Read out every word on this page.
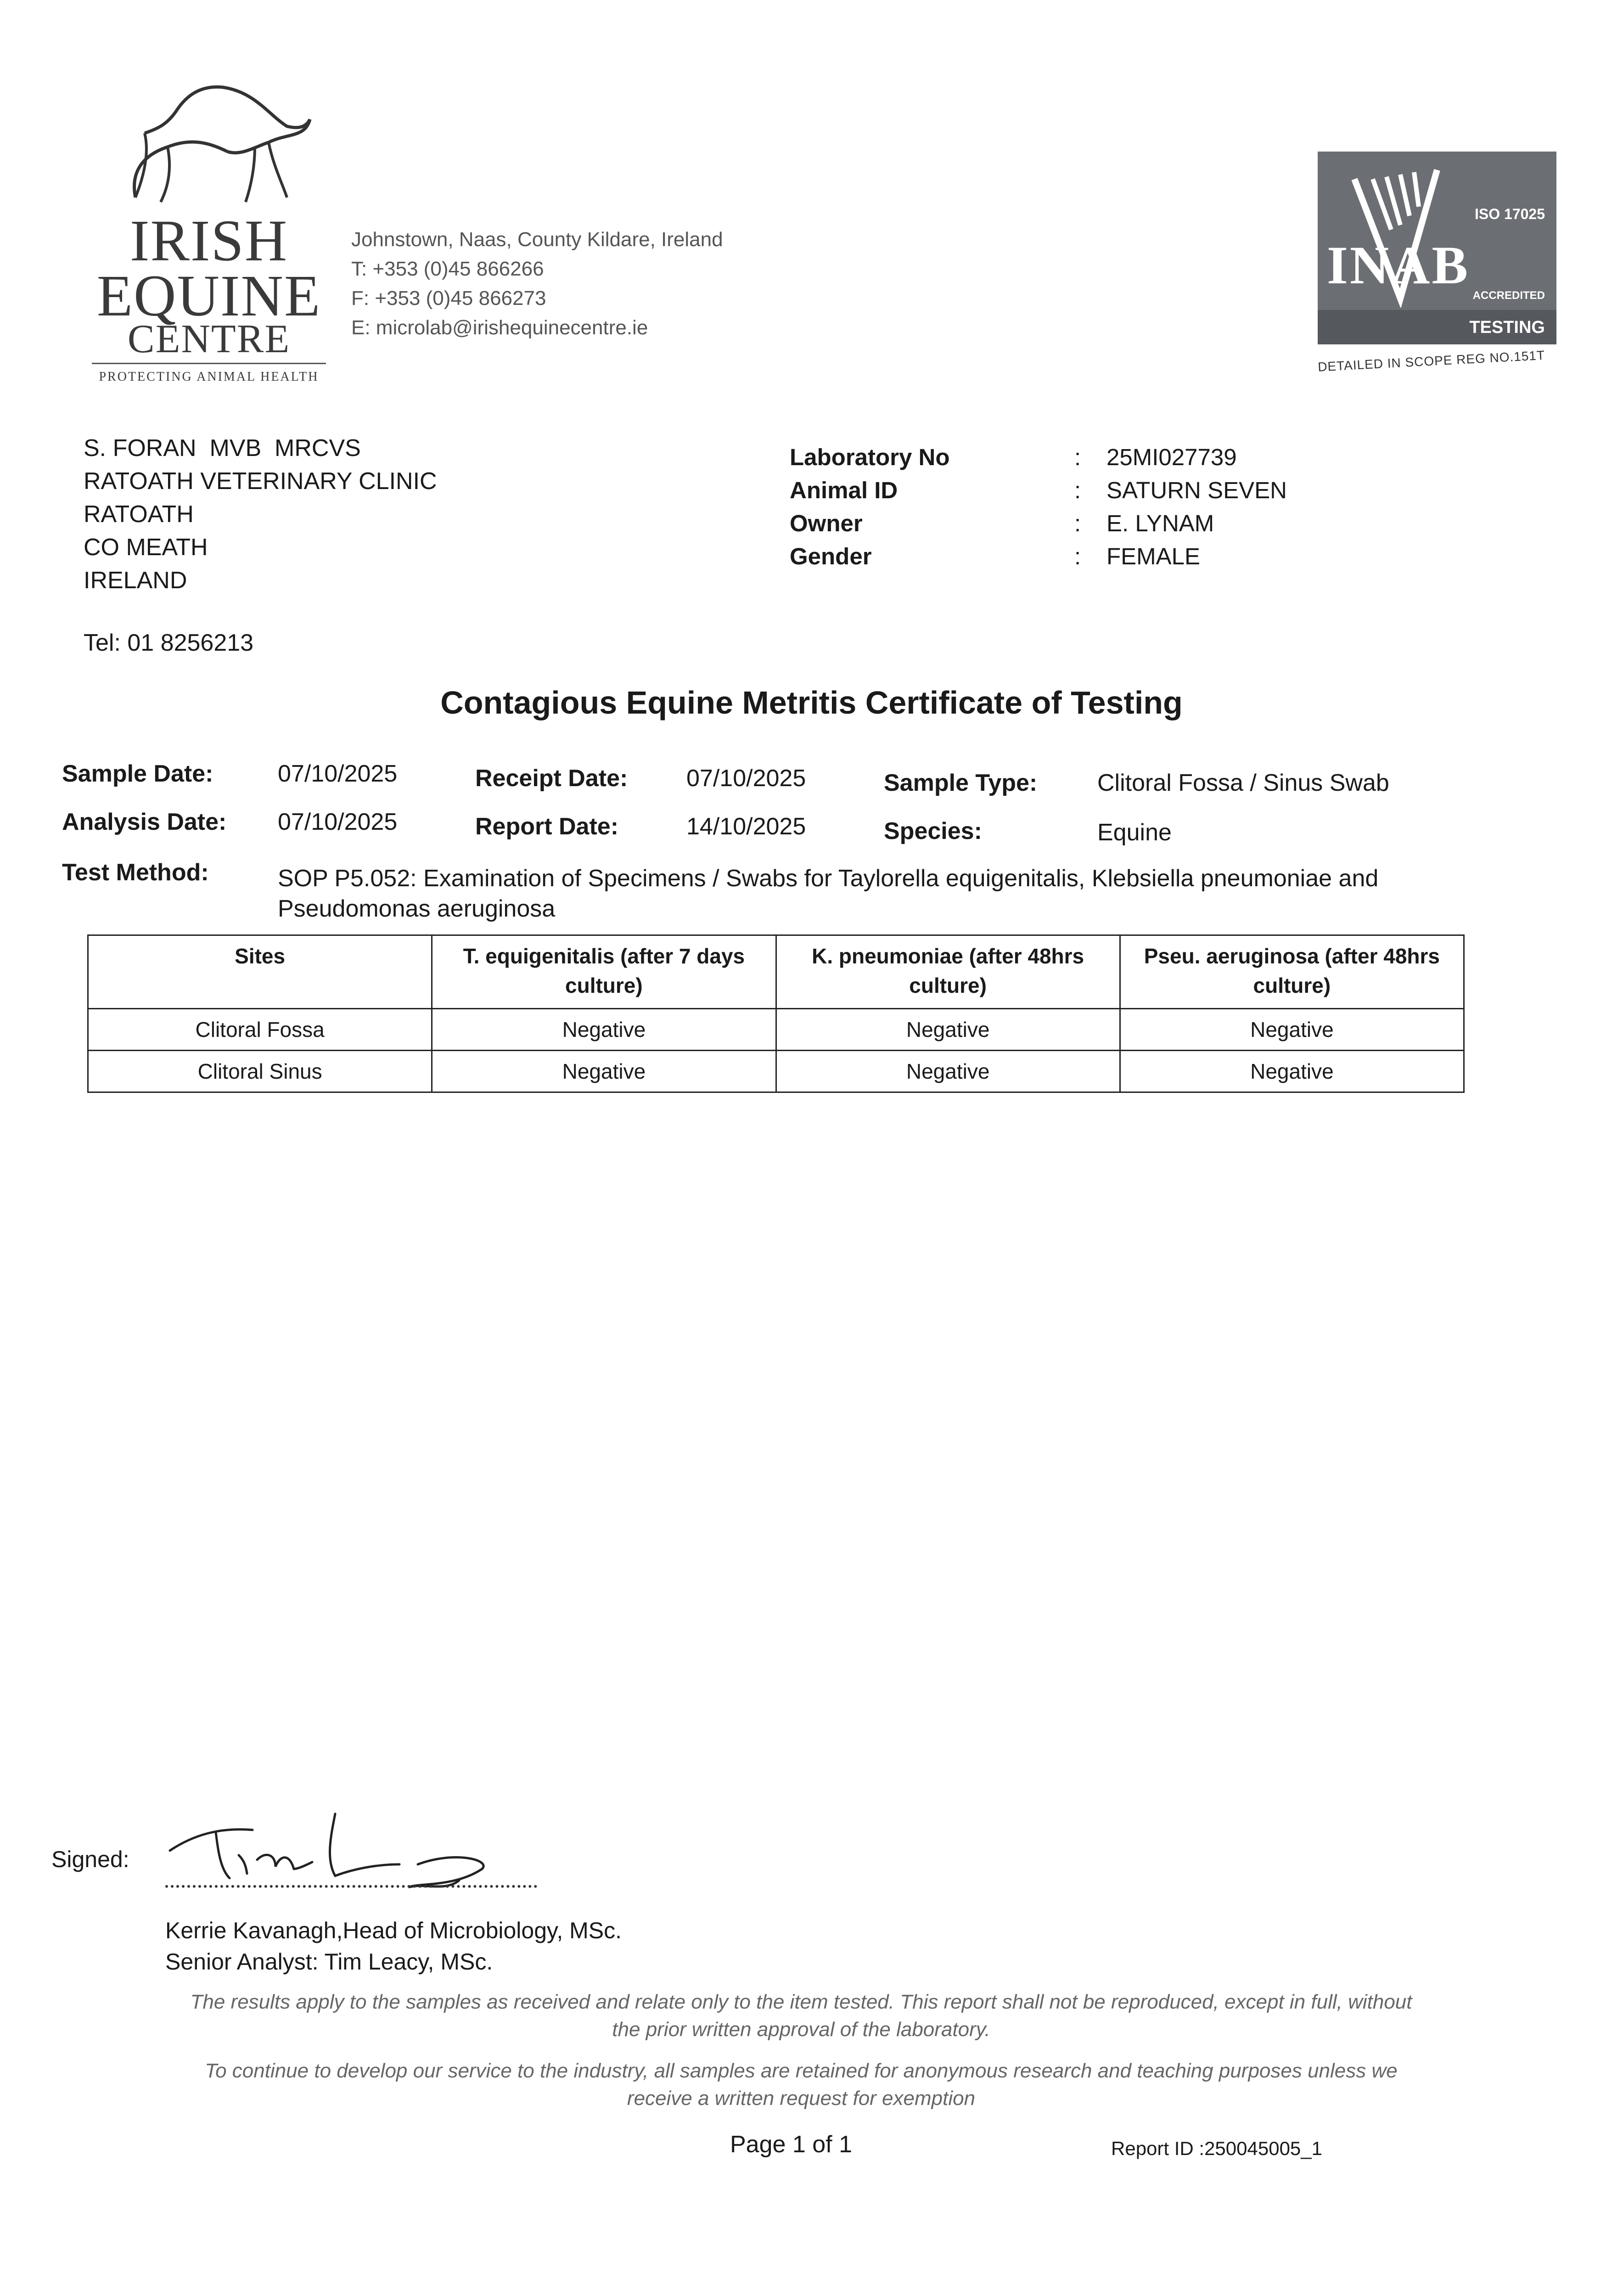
IRISH
EQUINE
CENTRE
PROTECTING ANIMAL HEALTH
Johnstown, Naas, County Kildare, Ireland
T: +353 (0)45 866266
F: +353 (0)45 866273
E: microlab@irishequinecentre.ie
ISO 17025
INAB
ACCREDITED
TESTING
DETAILED IN SCOPE REG NO.151T
S. FORAN  MVB  MRCVS
RATOATH VETERINARY CLINIC
RATOATH
CO MEATH
IRELAND
Tel: 01 8256213
Laboratory No	:	25MI027739
Animal ID	:	SATURN SEVEN
Owner	:	E. LYNAM
Gender	:	FEMALE
Contagious Equine Metritis Certificate of Testing
Sample Date:	07/10/2025	Receipt Date: 07/10/2025	Sample Type:	Clitoral Fossa / Sinus Swab
Analysis Date: 07/10/2025	Report Date:	14/10/2025	Species:	Equine
Test Method:	SOP P5.052: Examination of Specimens / Swabs for Taylorella equigenitalis, Klebsiella pneumoniae and
Pseudomonas aeruginosa
Sites	T. equigenitalis (after 7 days culture)	K. pneumoniae (after 48hrs culture)	Pseu. aeruginosa (after 48hrs culture)
Clitoral Fossa	Negative	Negative	Negative
Clitoral Sinus	Negative	Negative	Negative
Signed:
Kerrie Kavanagh,Head of Microbiology, MSc.
Senior Analyst: Tim Leacy, MSc.
The results apply to the samples as received and relate only to the item tested. This report shall not be reproduced, except in full, without
the prior written approval of the laboratory.
To continue to develop our service to the industry, all samples are retained for anonymous research and teaching purposes unless we
receive a written request for exemption
Page 1 of 1	Report ID :250045005_1
